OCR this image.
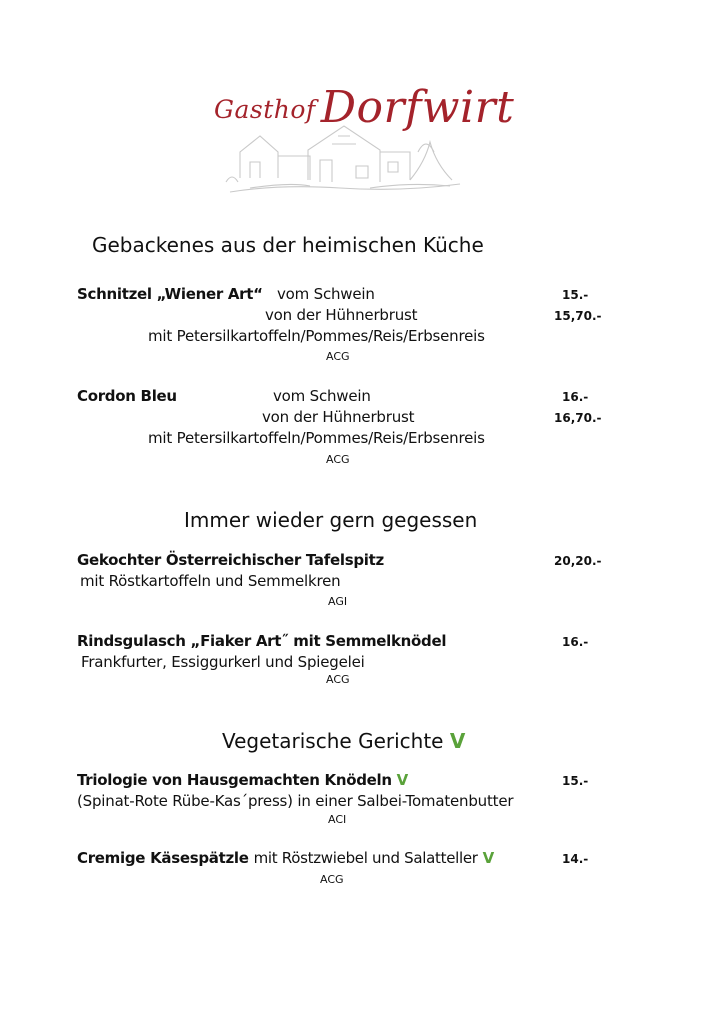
Gasthof Dorfwirt
Gebackenes aus der heimischen Küche
Schnitzel „Wiener Art“ vom Schwein	15.-
von der Hühnerbrust	15,70.-
mit Petersilkartoffeln/Pommes/Reis/Erbsenreis
ACG
Cordon Bleu	vom Schwein	16.-
von der Hühnerbrust	16,70.-
mit Petersilkartoffeln/Pommes/Reis/Erbsenreis
ACG
Immer wieder gern gegessen
Gekochter Österreichischer Tafelspitz	20,20.-
mit Röstkartoffeln und Semmelkren
AGI
Rindsgulasch „Fiaker Art˝ mit Semmelknödel	16.-
Frankfurter, Essiggurkerl und Spiegelei
ACG
Vegetarische Gerichte V
Triologie von Hausgemachten Knödeln V	15.-
(Spinat-Rote Rübe-Kas´press) in einer Salbei-Tomatenbutter
ACI
Cremige Käsespätzle mit Röstzwiebel und Salatteller V	14.-
ACG
